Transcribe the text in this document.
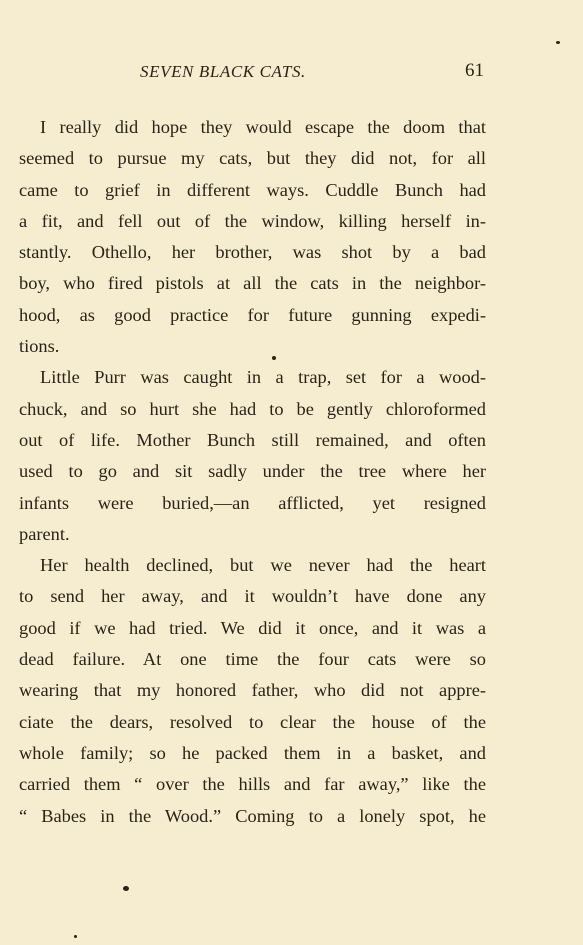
SEVEN BLACK CATS.	61
I really did hope they would escape the doom that
seemed to pursue my cats, but they did not, for all
came to grief in different ways. Cuddle Bunch had
a fit, and fell out of the window, killing herself in-
stantly. Othello, her brother, was shot by a bad
boy, who fired pistols at all the cats in the neighbor-
hood, as good practice for future gunning expedi-
tions.
Little Purr was caught in a trap, set for a wood-
chuck, and so hurt she had to be gently chloroformed
out of life. Mother Bunch still remained, and often
used to go and sit sadly under the tree where her
infants were buried,—an afflicted, yet resigned
parent.
Her health declined, but we never had the heart
to send her away, and it wouldn’t have done any
good if we had tried. We did it once, and it was a
dead failure. At one time the four cats were so
wearing that my honored father, who did not appre-
ciate the dears, resolved to clear the house of the
whole family; so he packed them in a basket, and
carried them “ over the hills and far away,” like the
“ Babes in the Wood.” Coming to a lonely spot, he
